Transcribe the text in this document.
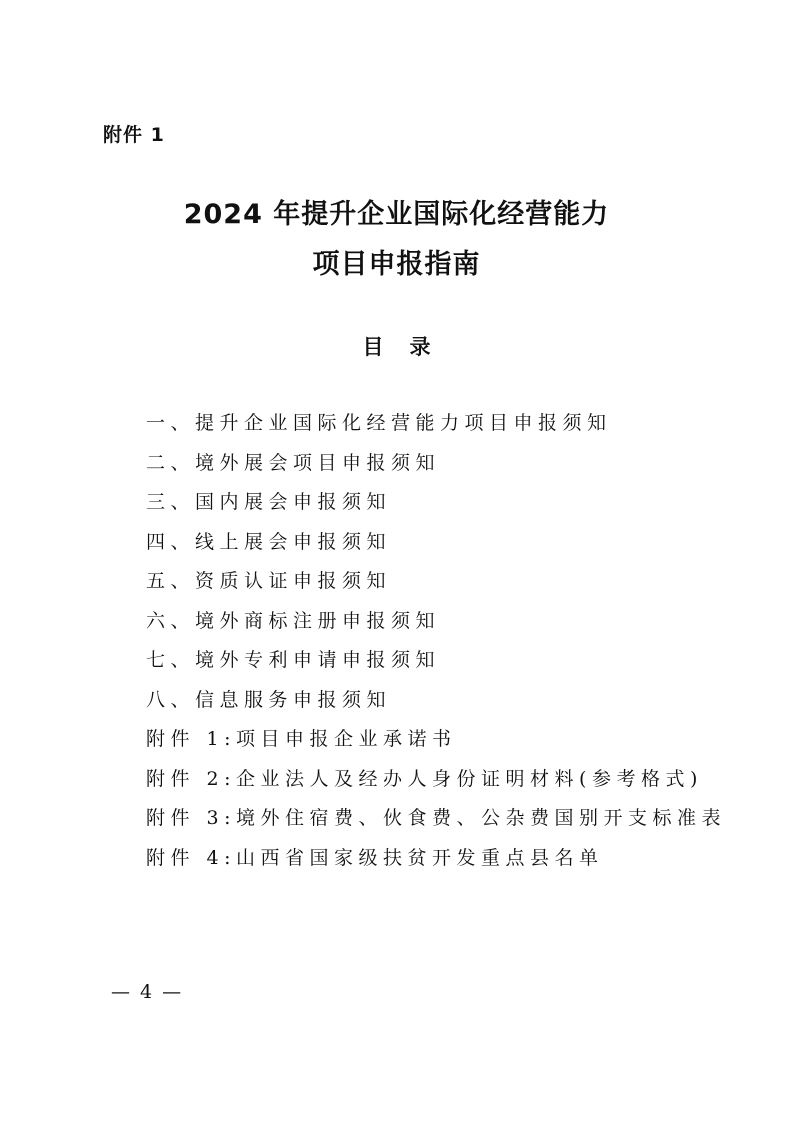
附件 1
2024 年提升企业国际化经营能力
项目申报指南
目录
一、提升企业国际化经营能力项目申报须知
二、境外展会项目申报须知
三、国内展会申报须知
四、线上展会申报须知
五、资质认证申报须知
六、境外商标注册申报须知
七、境外专利申请申报须知
八、信息服务申报须知
附件 1:项目申报企业承诺书
附件 2:企业法人及经办人身份证明材料(参考格式)
附件 3:境外住宿费、伙食费、公杂费国别开支标准表
附件 4:山西省国家级扶贫开发重点县名单
— 4 —
